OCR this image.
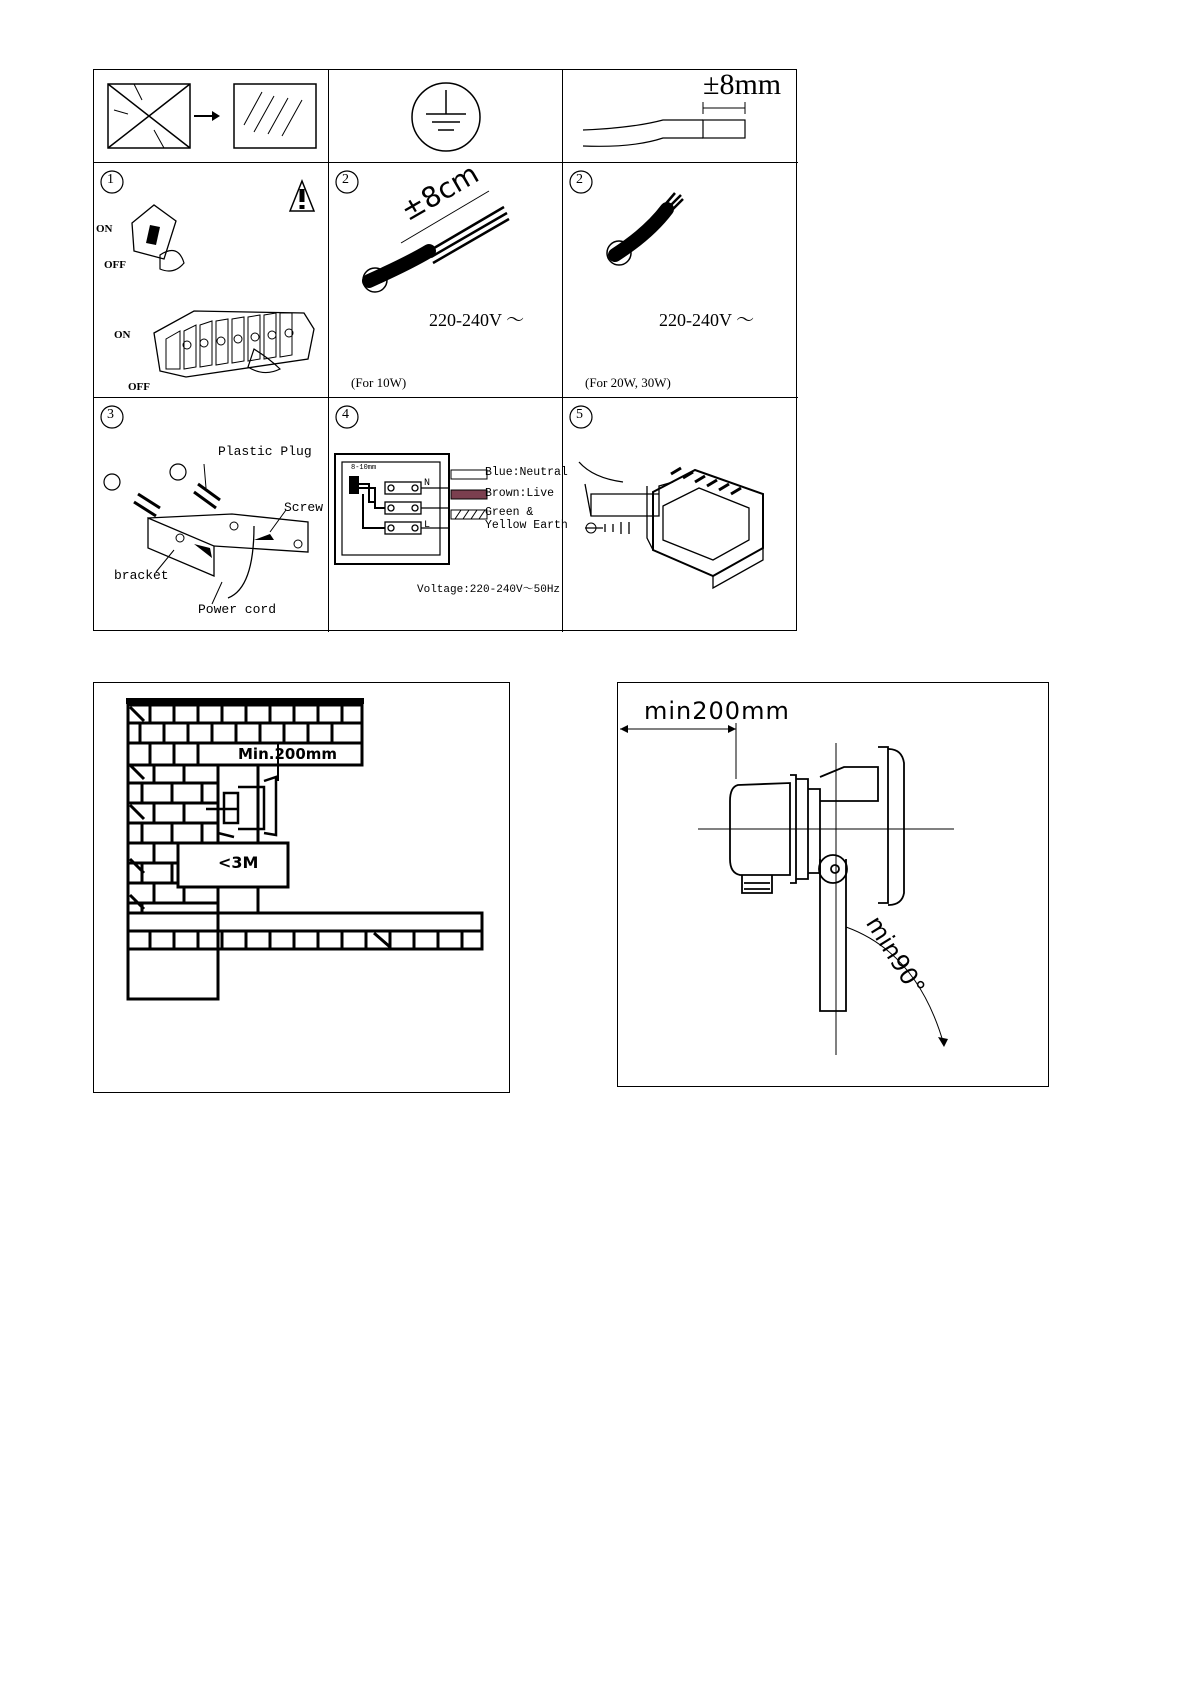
±8mm
1
ON
OFF
ON
OFF
2 ±8cm
220-240V ～
(For 10W)
2
220-240V ～
(For 20W, 30W)
3
Plastic Plug
Screw
bracket
Power cord
4
8-10mm
N
L
Blue:Neutral
Brown:Live
Green &
Yellow Earth
Voltage:220-240V～50Hz
5
Min.200mm
<3M
min200mm
min90°
